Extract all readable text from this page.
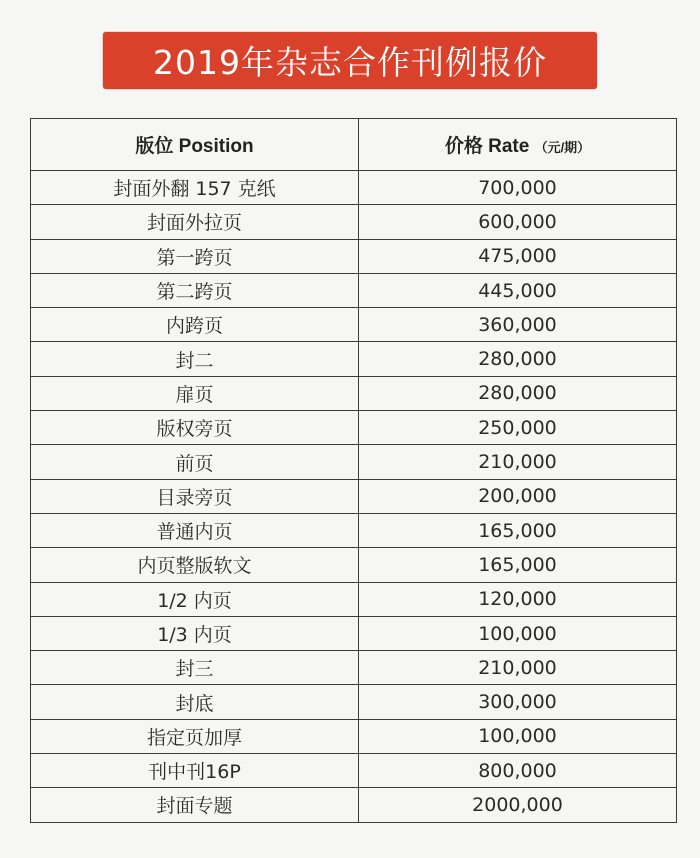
2019年杂志合作刊例报价
版位 Position	价格 Rate （元/期）
封面外翻 157 克纸	700,000
封面外拉页	600,000
第一跨页	475,000
第二跨页	445,000
内跨页	360,000
封二	280,000
扉页	280,000
版权旁页	250,000
前页	210,000
目录旁页	200,000
普通内页	165,000
内页整版软文	165,000
1/2 内页	120,000
1/3 内页	100,000
封三	210,000
封底	300,000
指定页加厚	100,000
刊中刊16P	800,000
封面专题	2000,000
